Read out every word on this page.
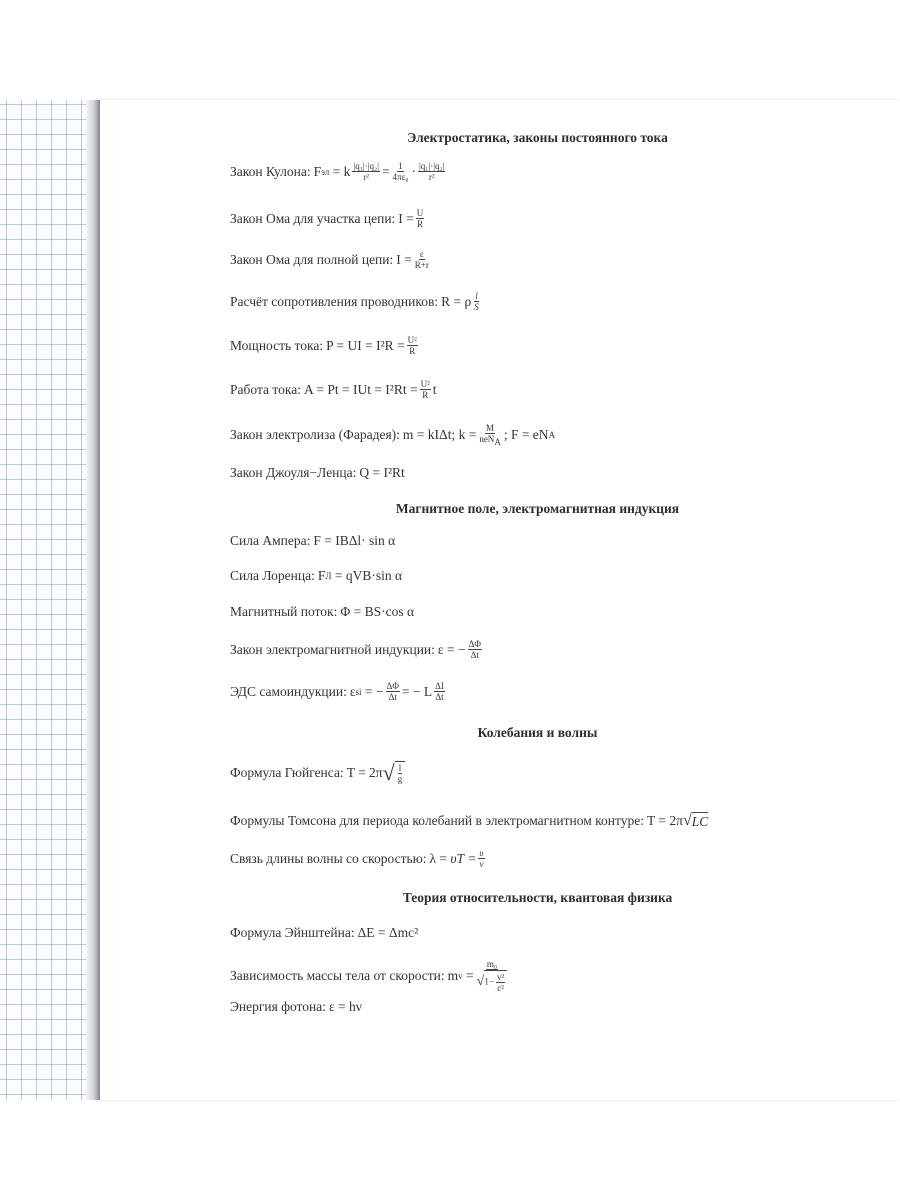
Электростатика, законы постоянного тока
Закон Кулона: F эл
= k $\frac{\text{|q₁|·|q₂|}}{\text{r²}} = \frac{1}{\text{4πε₀}} \cdot \frac{\text{|q₁|·|q₂|}}{\text{r²}}$
Закон Ома для участка цепи: $I = \frac{U}{R}$
Закон Ома для полной цепи: $I = \frac{\varepsilon}{R+r}$
Расчёт сопротивления проводников: R = ρ $\frac{l}{S}$
Мощность тока: P = UI = $I^2R = \frac{\text{U²}}{R}$
Работа тока: A = Pt = IUt = $I^2Rt = \frac{\text{U²}}{R}$ t
Закон электролиза (Фарадея): m = kIΔt; $k = \frac{M}{neN_A}$ ; F = eN A
Закон Джоуля−Ленца: Q = I²Rt
Магнитное поле, электромагнитная индукция
Сила Ампера: F = IBΔl· sin α
Сила Лоренца: F Л
= qVB·sin α
Магнитный поток: Φ = BS·cos α
Закон электромагнитной индукции: ε = − $\frac{\Delta\Phi}{\Delta t}$
ЭДС самоиндукции: ε si
= − $\frac{\Delta\Phi}{\Delta t}$ = − L $\frac{\Delta I}{\Delta t}$
Колебания и волны
Формула Гюйгенса: T = 2π √ $\frac{l}{g}$
Формулы Томсона для периода колебаний в электромагнитном контуре: T = 2π √ LC
Связь длины волны со скоростью: λ =
$\upsilon T = \frac{\upsilon}{\nu}$
Теория относительности, квантовая физика
Формула Эйнштейна: ΔE = Δmc²
Зависимость массы тела от скорости: m v
= $\frac{\text{m₀}}{√ 1- \frac{\text{v²}}{\text{c²}}}$
Энергия фотона: ε = hν
